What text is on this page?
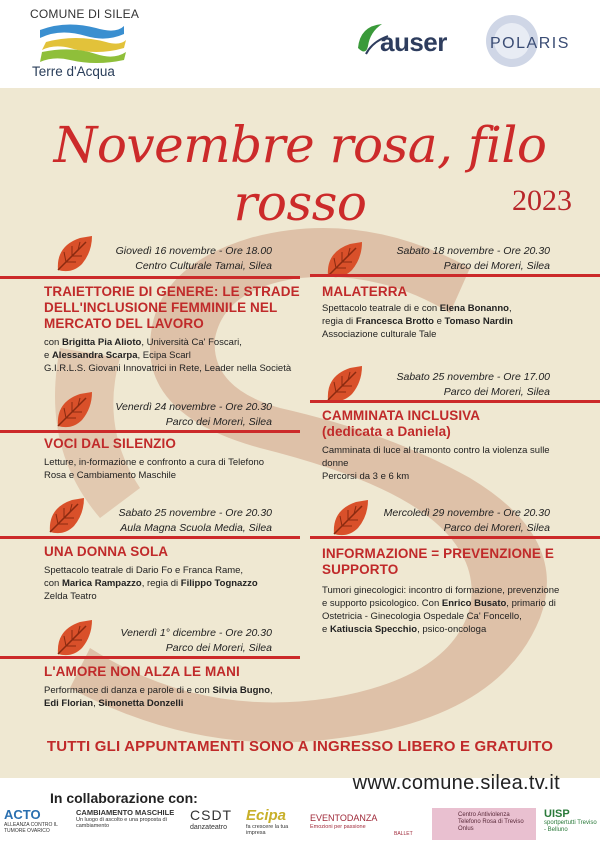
COMUNE DI SILEA
Terre d'Acqua
auser	POLARIS
Novembre rosa, filo rosso	2023
Giovedì 16 novembre - Ore 18.00
Centro Culturale Tamai, Silea
TRAIETTORIE DI GENERE: LE STRADE
DELL'INCLUSIONE FEMMINILE NEL
MERCATO DEL LAVORO
con Brigitta Pia Alioto, Università Ca' Foscari,
e Alessandra Scarpa, Ecipa Scarl
G.I.R.L.S. Giovani Innovatrici in Rete, Leader nella Società
Sabato 18 novembre - Ore 20.30
Parco dei Moreri, Silea
MALATERRA
Spettacolo teatrale di e con Elena Bonanno,
regia di Francesca Brotto e Tomaso Nardin
Associazione culturale Tale
Venerdì 24 novembre - Ore 20.30
Parco dei Moreri, Silea
VOCI DAL SILENZIO
Letture, in-formazione e confronto a cura di Telefono
Rosa e Cambiamento Maschile
Sabato 25 novembre - Ore 17.00
Parco dei Moreri, Silea
CAMMINATA INCLUSIVA
(dedicata a Daniela)
Camminata di luce al tramonto contro la violenza sulle
donne
Percorsi da 3 e 6 km
Sabato 25 novembre - Ore 20.30
Aula Magna Scuola Media, Silea
UNA DONNA SOLA
Spettacolo teatrale di Dario Fo e Franca Rame,
con Marica Rampazzo, regia di Filippo Tognazzo
Zelda Teatro
Mercoledì 29 novembre - Ore 20.30
Parco dei Moreri, Silea
INFORMAZIONE = PREVENZIONE E
SUPPORTO
Tumori ginecologici: incontro di formazione, prevenzione
e supporto psicologico. Con Enrico Busato, primario di
Ostetricia - Ginecologia Ospedale Ca' Foncello,
e Katiuscia Specchio, psico-oncologa
Venerdì 1° dicembre - Ore 20.30
Parco dei Moreri, Silea
L'AMORE NON ALZA LE MANI
Performance di danza e parole di e con Silvia Bugno,
Edi Florian, Simonetta Donzelli
TUTTI GLI APPUNTAMENTI SONO A INGRESSO LIBERO E GRATUITO
In collaborazione con:
www.comune.silea.tv.it
ACTO
ALLEANZA CONTRO IL TUMORE OVARICO
CAMBIAMENTO MASCHILE
Un luogo di ascolto e una proposta di cambiamento
CSDT
danzateatro
Ecipa
fa crescere la tua impresa
EVENTODANZA
Emozioni per passione
BALLET
Centro Antiviolenza Telefono Rosa di Treviso
Onlus
UISP
sportpertutti Treviso - Belluno
